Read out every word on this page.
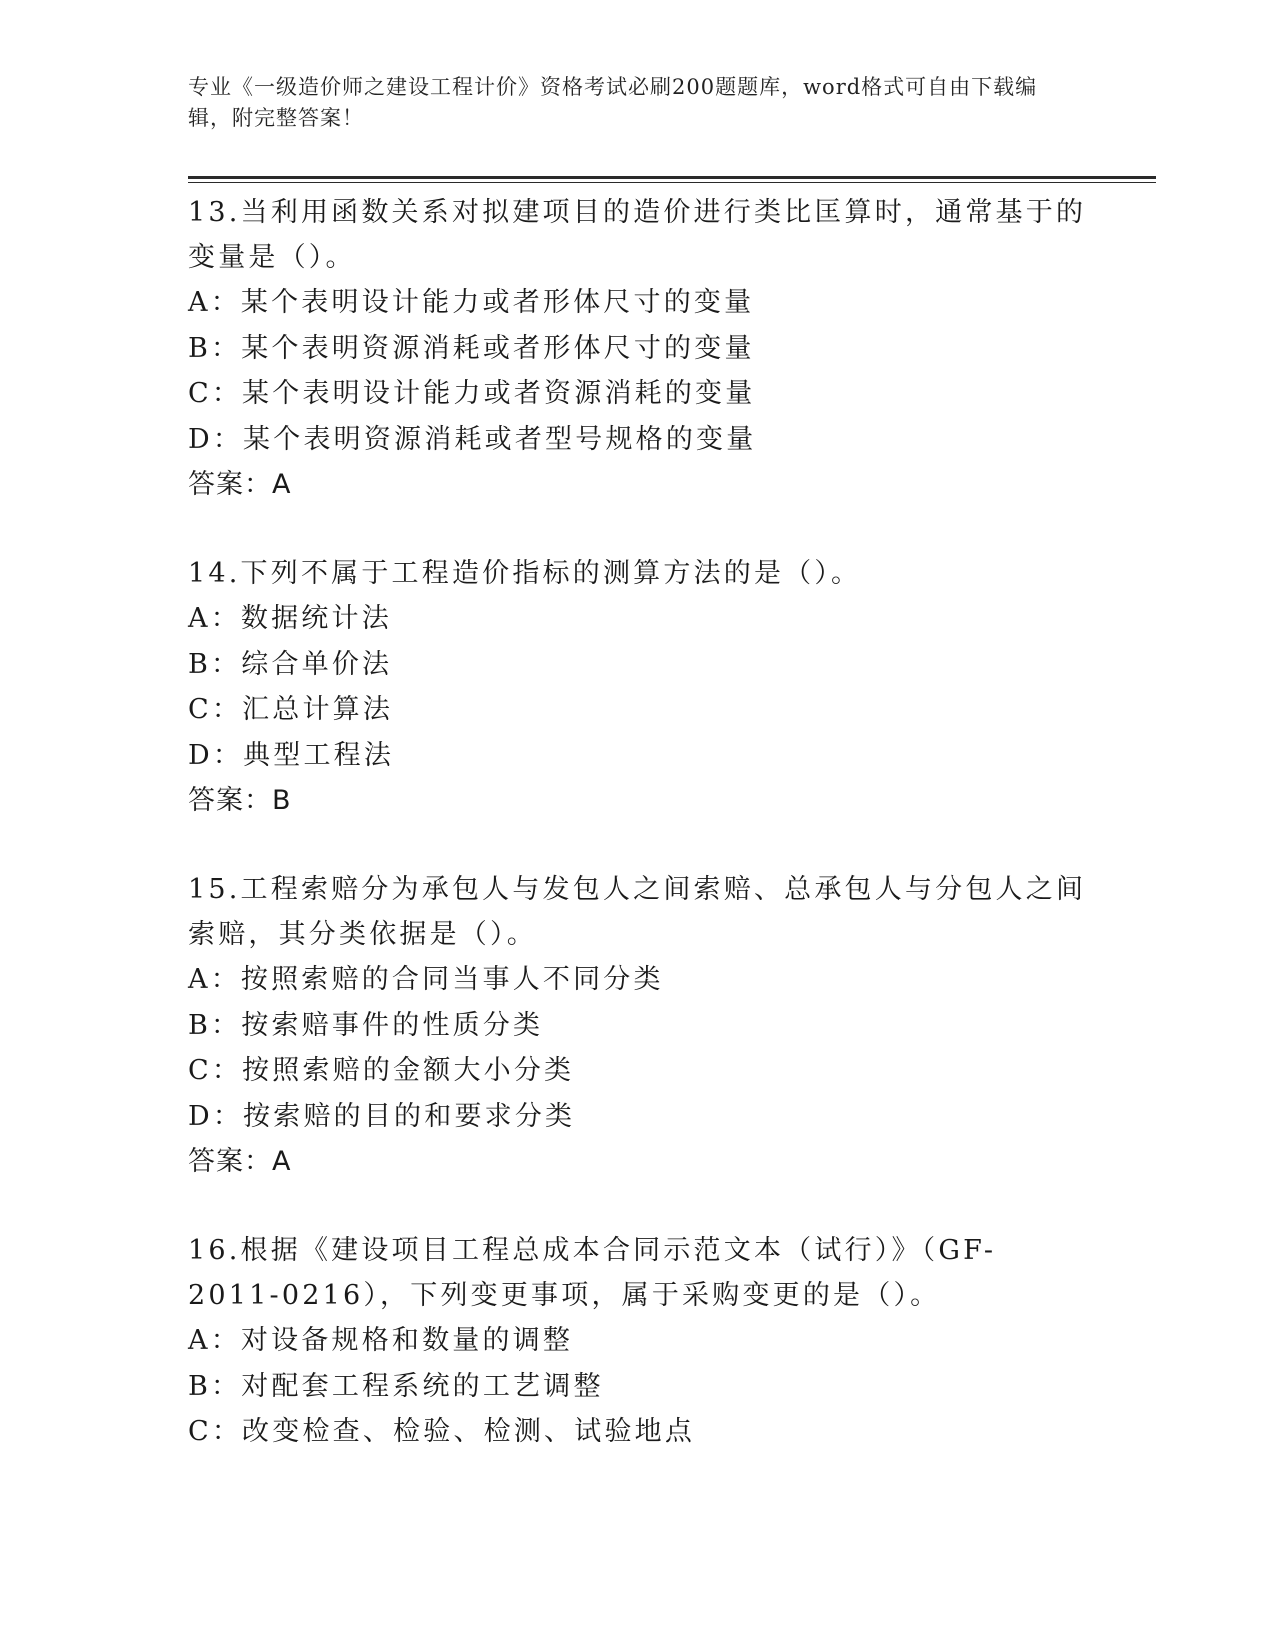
专业《一级造价师之建设工程计价》资格考试必刷200题题库，word格式可自由下载编辑，附完整答案！

13.当利用函数关系对拟建项目的造价进行类比匡算时，通常基于的变量是（）。

A：某个表明设计能力或者形体尺寸的变量

B：某个表明资源消耗或者形体尺寸的变量

C：某个表明设计能力或者资源消耗的变量

D：某个表明资源消耗或者型号规格的变量

答案：A

14.下列不属于工程造价指标的测算方法的是（）。

A：数据统计法

B：综合单价法

C：汇总计算法

D：典型工程法

答案：B

15.工程索赔分为承包人与发包人之间索赔、总承包人与分包人之间索赔，其分类依据是（）。

A：按照索赔的合同当事人不同分类

B：按索赔事件的性质分类

C：按照索赔的金额大小分类

D：按索赔的目的和要求分类

答案：A

16.根据《建设项目工程总成本合同示范文本（试行）》（GF-2011-0216），下列变更事项，属于采购变更的是（）。

A：对设备规格和数量的调整

B：对配套工程系统的工艺调整

C：改变检查、检验、检测、试验地点
